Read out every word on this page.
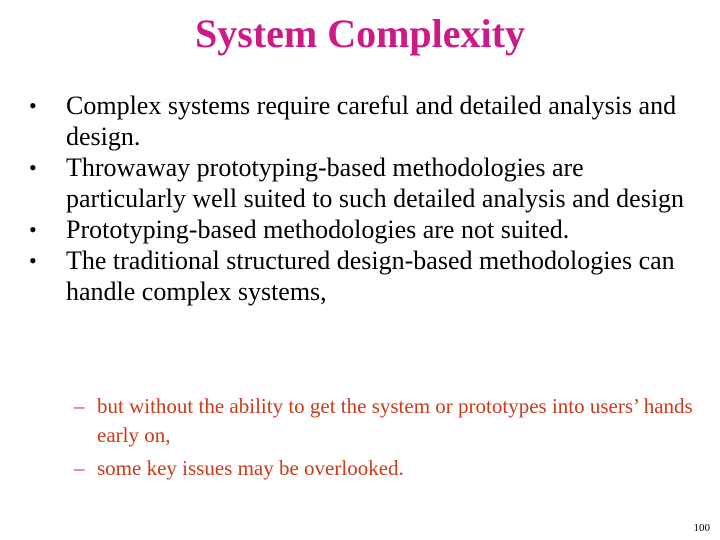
System Complexity
• Complex systems require careful and detailed analysis and design.
• Throwaway prototyping-based methodologies are particularly well suited to such detailed analysis and design
• Prototyping-based methodologies are not suited.
• The traditional structured design-based methodologies can handle complex systems,
– but without the ability to get the system or prototypes into users’ hands early on,
– some key issues may be overlooked.
100
